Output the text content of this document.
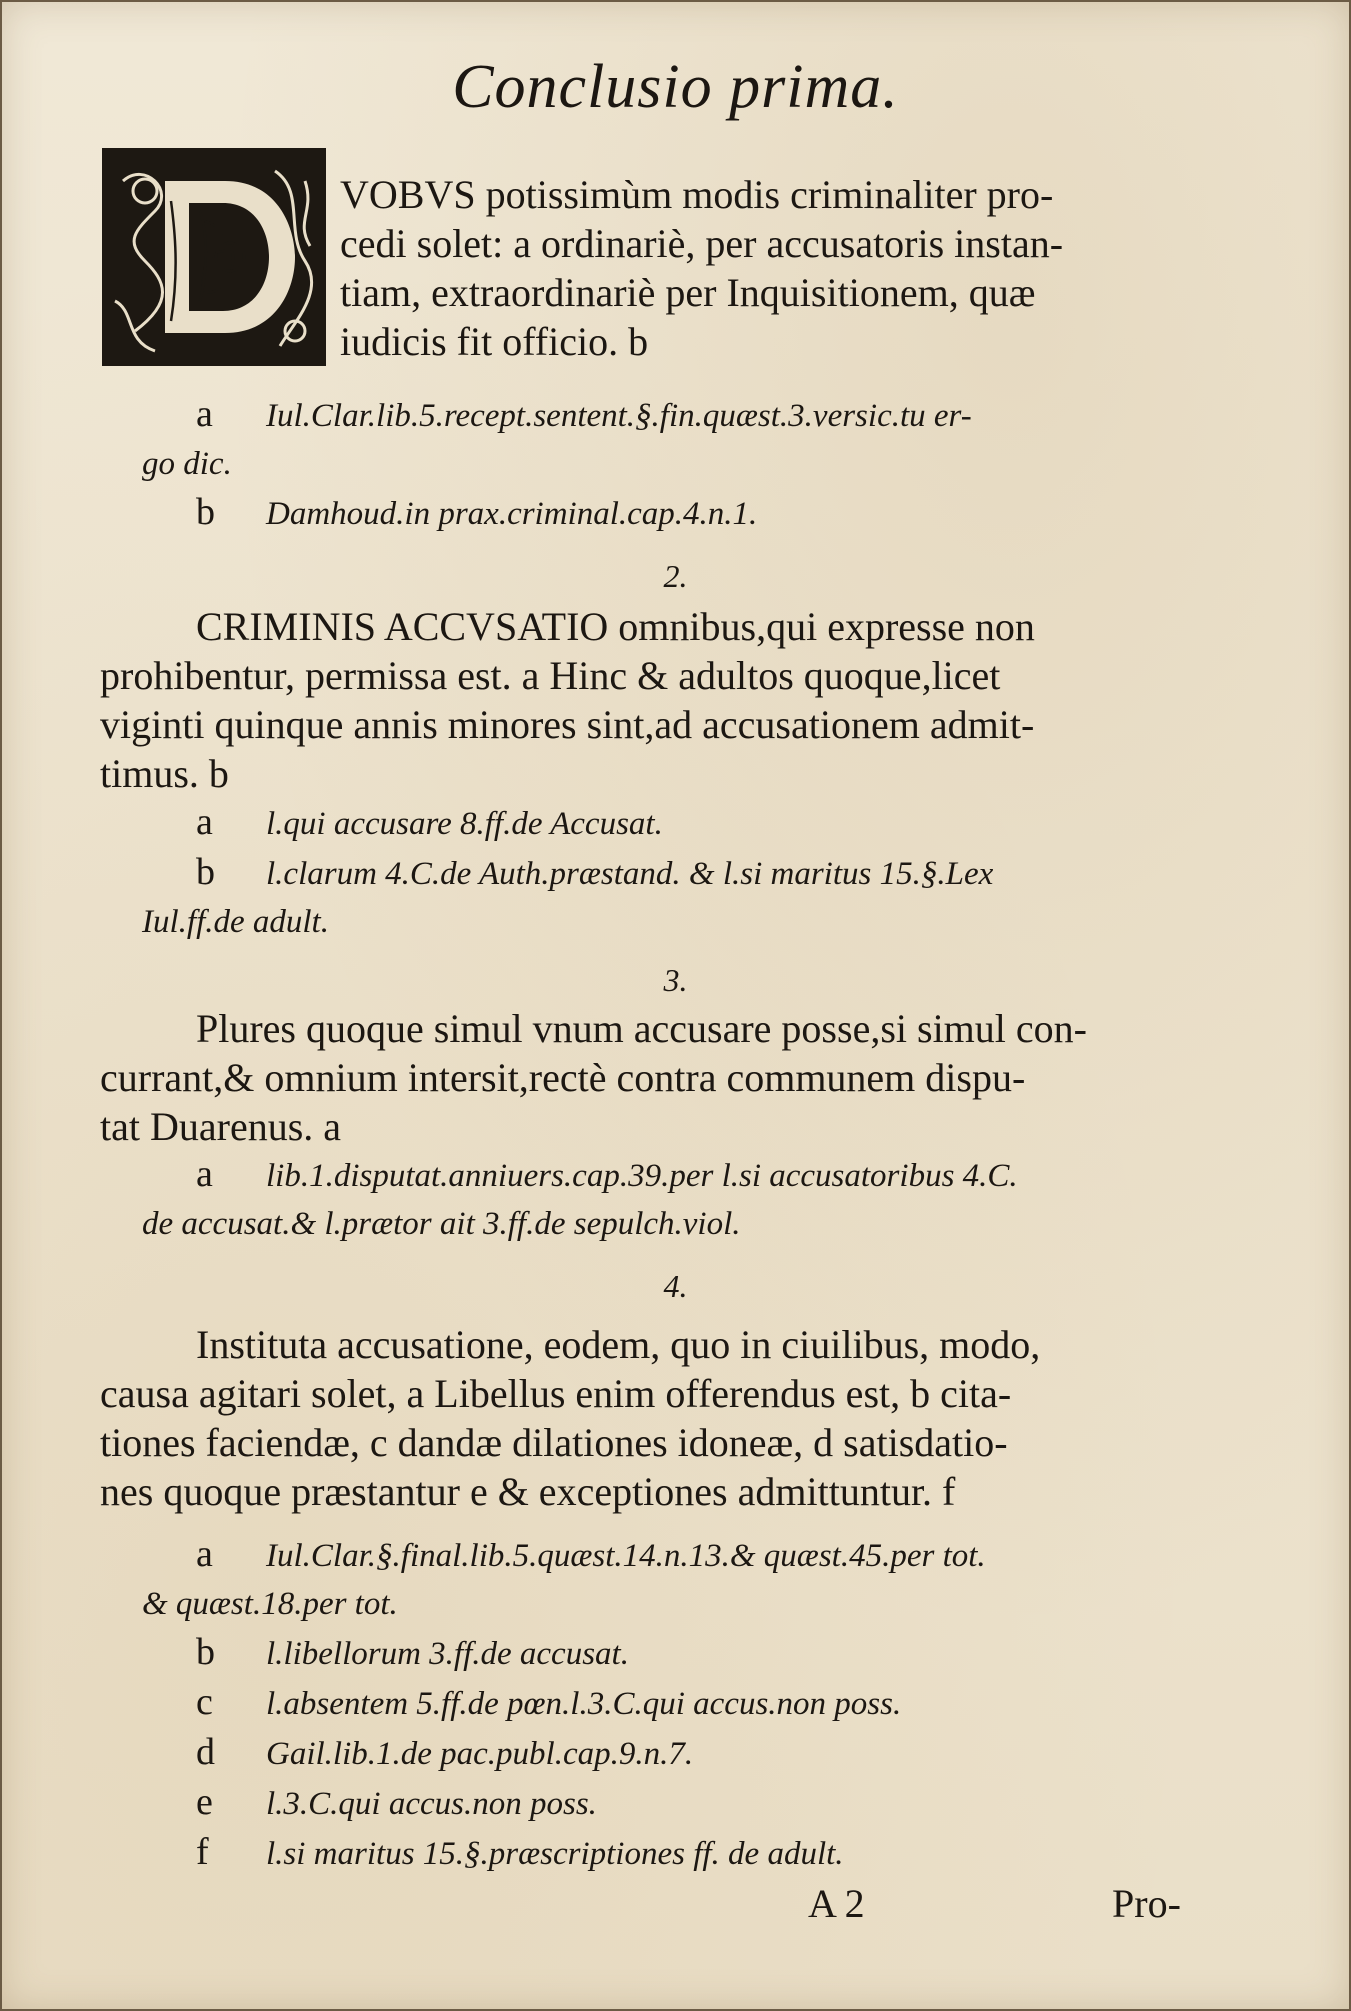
Conclusio prima.
VOBVS potissimùm modis criminaliter pro-
cedi solet: a ordinariè, per accusatoris instan-
tiam, extraordinariè per Inquisitionem, quæ
iudicis fit officio. b
a Iul.Clar.lib.5.recept.sentent.§.fin.quæst.3.versic.tu er-
go dic.
b Damhoud.in prax.criminal.cap.4.n.1.
2.
CRIMINIS ACCVSATIO omnibus,qui expresse non
prohibentur, permissa est. a Hinc & adultos quoque,licet
viginti quinque annis minores sint,ad accusationem admit-
timus. b
a l.qui accusare 8.ff.de Accusat.
b l.clarum 4.C.de Auth.præstand. & l.si maritus 15.§.Lex
Iul.ff.de adult.
3.
Plures quoque simul vnum accusare posse,si simul con-
currant,& omnium intersit,rectè contra communem dispu-
tat Duarenus. a
a lib.1.disputat.anniuers.cap.39.per l.si accusatoribus 4.C.
de accusat.& l.prætor ait 3.ff.de sepulch.viol.
4.
Instituta accusatione, eodem, quo in ciuilibus, modo,
causa agitari solet, a Libellus enim offerendus est, b cita-
tiones faciendæ, c dandæ dilationes idoneæ, d satisdatio-
nes quoque præstantur e & exceptiones admittuntur. f
a Iul.Clar.§.final.lib.5.quæst.14.n.13.& quæst.45.per tot.
& quæst.18.per tot.
b l.libellorum 3.ff.de accusat.
c l.absentem 5.ff.de pœn.l.3.C.qui accus.non poss.
d Gail.lib.1.de pac.publ.cap.9.n.7.
e l.3.C.qui accus.non poss.
f l.si maritus 15.§.præscriptiones ff. de adult.
A 2	Pro-
